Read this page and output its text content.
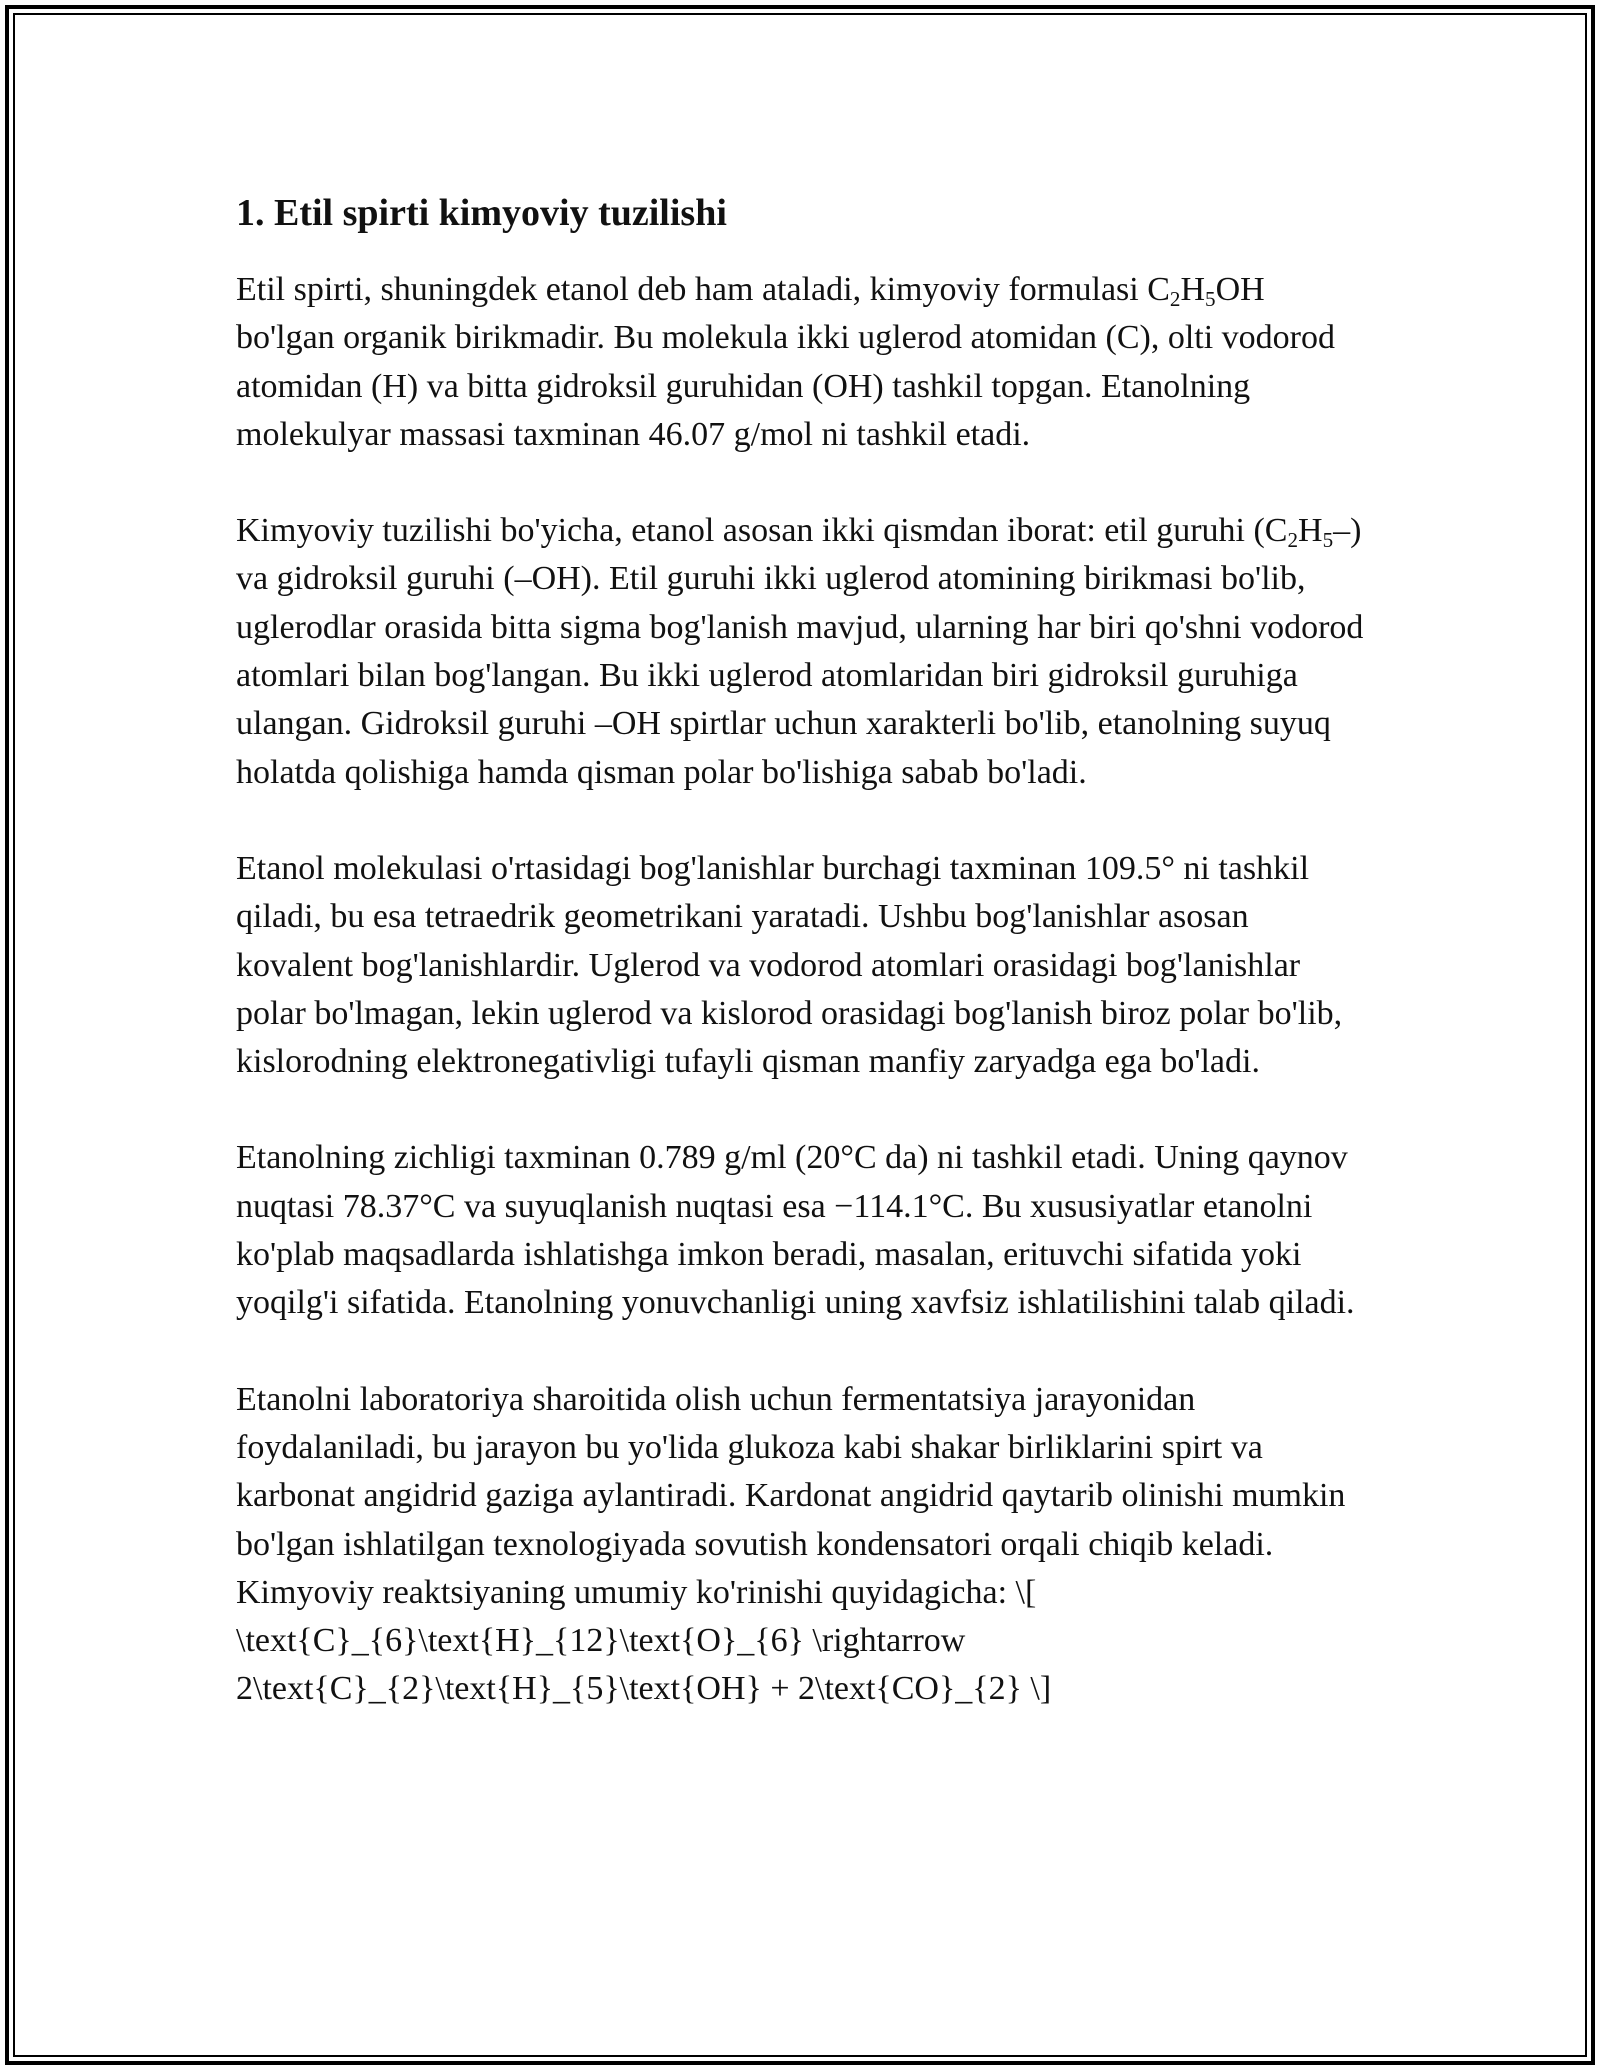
1. Etil spirti kimyoviy tuzilishi

Etil spirti, shuningdek etanol deb ham ataladi, kimyoviy formulasi $C_2H_5OH$ bo'lgan organik birikmadir. Bu molekula ikki uglerod atomidan (C), olti vodorod atomidan (H) va bitta gidroksil guruhidan (OH) tashkil topgan. Etanolning molekulyar massasi taxminan 46.07 g/mol ni tashkil etadi.

Kimyoviy tuzilishi bo'yicha, etanol asosan ikki qismdan iborat: etil guruhi $(C_2H_5-)$ va gidroksil guruhi (–OH). Etil guruhi ikki uglerod atomining birikmasi bo'lib, uglerodlar orasida bitta sigma bog'lanish mavjud, ularning har biri qo'shni vodorod atomlari bilan bog'langan. Bu ikki uglerod atomlaridan biri gidroksil guruhiga ulangan. Gidroksil guruhi –OH spirtlar uchun xarakterli bo'lib, etanolning suyuq holatda qolishiga hamda qisman polar bo'lishiga sabab bo'ladi.

Etanol molekulasi o'rtasidagi bog'lanishlar burchagi taxminan 109.5° ni tashkil qiladi, bu esa tetraedrik geometrikani yaratadi. Ushbu bog'lanishlar asosan kovalent bog'lanishlardir. Uglerod va vodorod atomlari orasidagi bog'lanishlar polar bo'lmagan, lekin uglerod va kislorod orasidagi bog'lanish biroz polar bo'lib, kislorodning elektronegativligi tufayli qisman manfiy zaryadga ega bo'ladi.

Etanolning zichligi taxminan 0.789 g/ml (20°C da) ni tashkil etadi. Uning qaynov nuqtasi 78.37°C va suyuqlanish nuqtasi esa −114.1°C. Bu xususiyatlar etanolni ko'plab maqsadlarda ishlatishga imkon beradi, masalan, erituvchi sifatida yoki yoqilg'i sifatida. Etanolning yonuvchanligi uning xavfsiz ishlatilishini talab qiladi.

Etanolni laboratoriya sharoitida olish uchun fermentatsiya jarayonidan foydalaniladi, bu jarayon bu yo'lida glukoza kabi shakar birliklarini spirt va karbonat angidrid gaziga aylantiradi. Kardonat angidrid qaytarib olinishi mumkin bo'lgan ishlatilgan texnologiyada sovutish kondensatori orqali chiqib keladi. Kimyoviy reaktsiyaning umumiy ko'rinishi quyidagicha: \[ \text{C}_{6}\text{H}_{12}\text{O}_{6} \rightarrow 2\text{C}_{2}\text{H}_{5}\text{OH} + 2\text{CO}_{2} \]
